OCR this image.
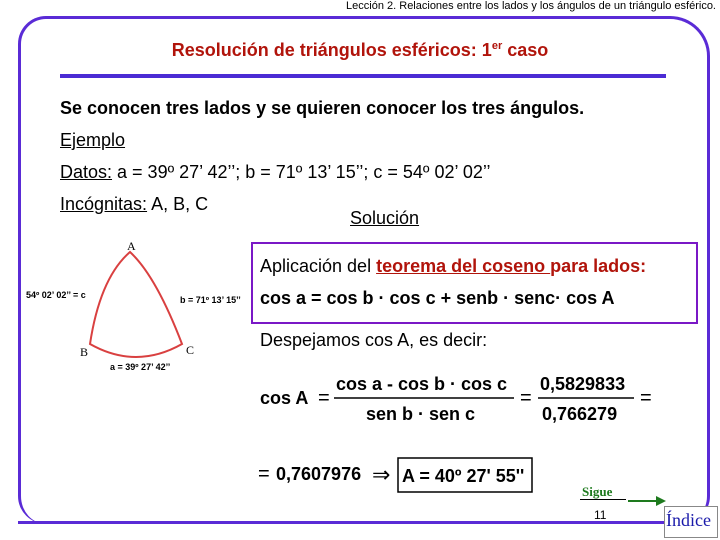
Lección 2. Relaciones entre los lados y los ángulos de un triángulo esférico.
Resolución de triángulos esféricos: 1er caso
Se conocen tres lados y se quieren conocer los tres ángulos.
Ejemplo
Datos: a = 39º 27’ 42’’; b = 71º 13’ 15’’; c = 54º 02’ 02’’
Incógnitas: A, B, C
Solución
A
B	C
a = 39º 27’ 42’’
b = 71º 13’ 15’’
54º 02’ 02’’ = c
Aplicación del teorema del coseno para lados:
cos a = cos b · cos c + senb · senc· cos A
Despejamos cos A, es decir:
cos A =
cos a - cos b · cos c
sen b · sen c
=
0,5829833
0,766279
=
= 0,7607976 ⇒ A = 40º 27' 55''
Sigue
11	Índice
